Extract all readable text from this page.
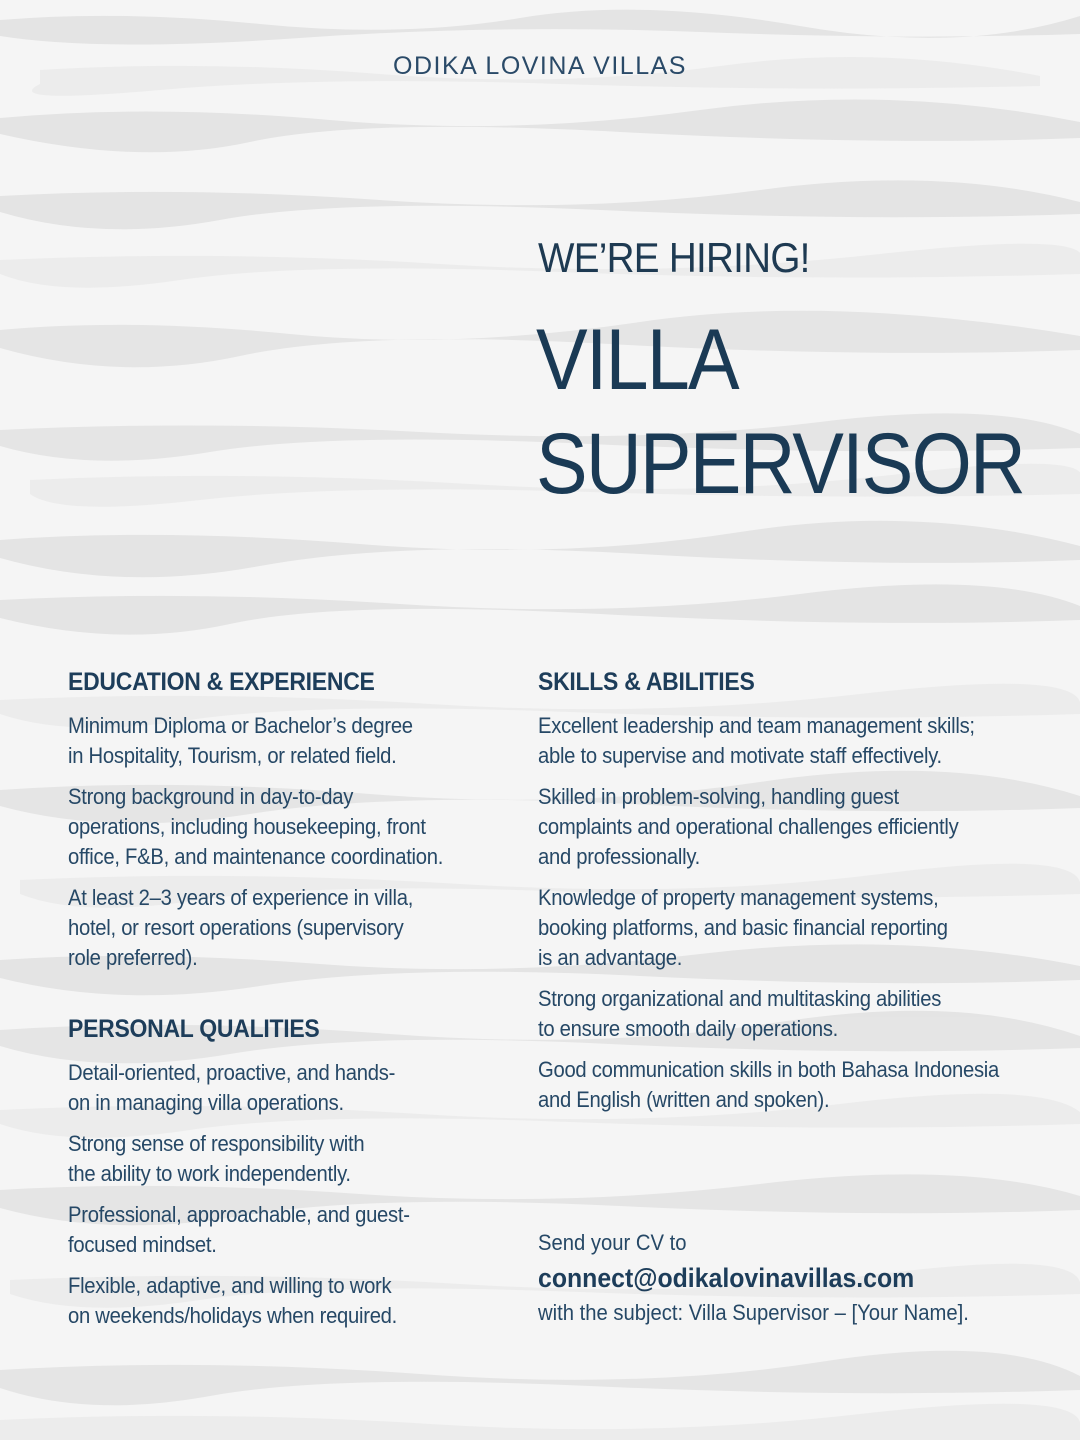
ODIKA LOVINA VILLAS
WE’RE HIRING!
VILLA
SUPERVISOR
EDUCATION & EXPERIENCE
Minimum Diploma or Bachelor’s degree
in Hospitality, Tourism, or related field.
Strong background in day-to-day
operations, including housekeeping, front
office, F&B, and maintenance coordination.
At least 2–3 years of experience in villa,
hotel, or resort operations (supervisory
role preferred).
PERSONAL QUALITIES
Detail-oriented, proactive, and hands-
on in managing villa operations.
Strong sense of responsibility with
the ability to work independently.
Professional, approachable, and guest-
focused mindset.
Flexible, adaptive, and willing to work
on weekends/holidays when required.
SKILLS & ABILITIES
Excellent leadership and team management skills;
able to supervise and motivate staff effectively.
Skilled in problem-solving, handling guest
complaints and operational challenges efficiently
and professionally.
Knowledge of property management systems,
booking platforms, and basic financial reporting
is an advantage.
Strong organizational and multitasking abilities
to ensure smooth daily operations.
Good communication skills in both Bahasa Indonesia
and English (written and spoken).
Send your CV to
connect@odikalovinavillas.com
with the subject: Villa Supervisor – [Your Name].
